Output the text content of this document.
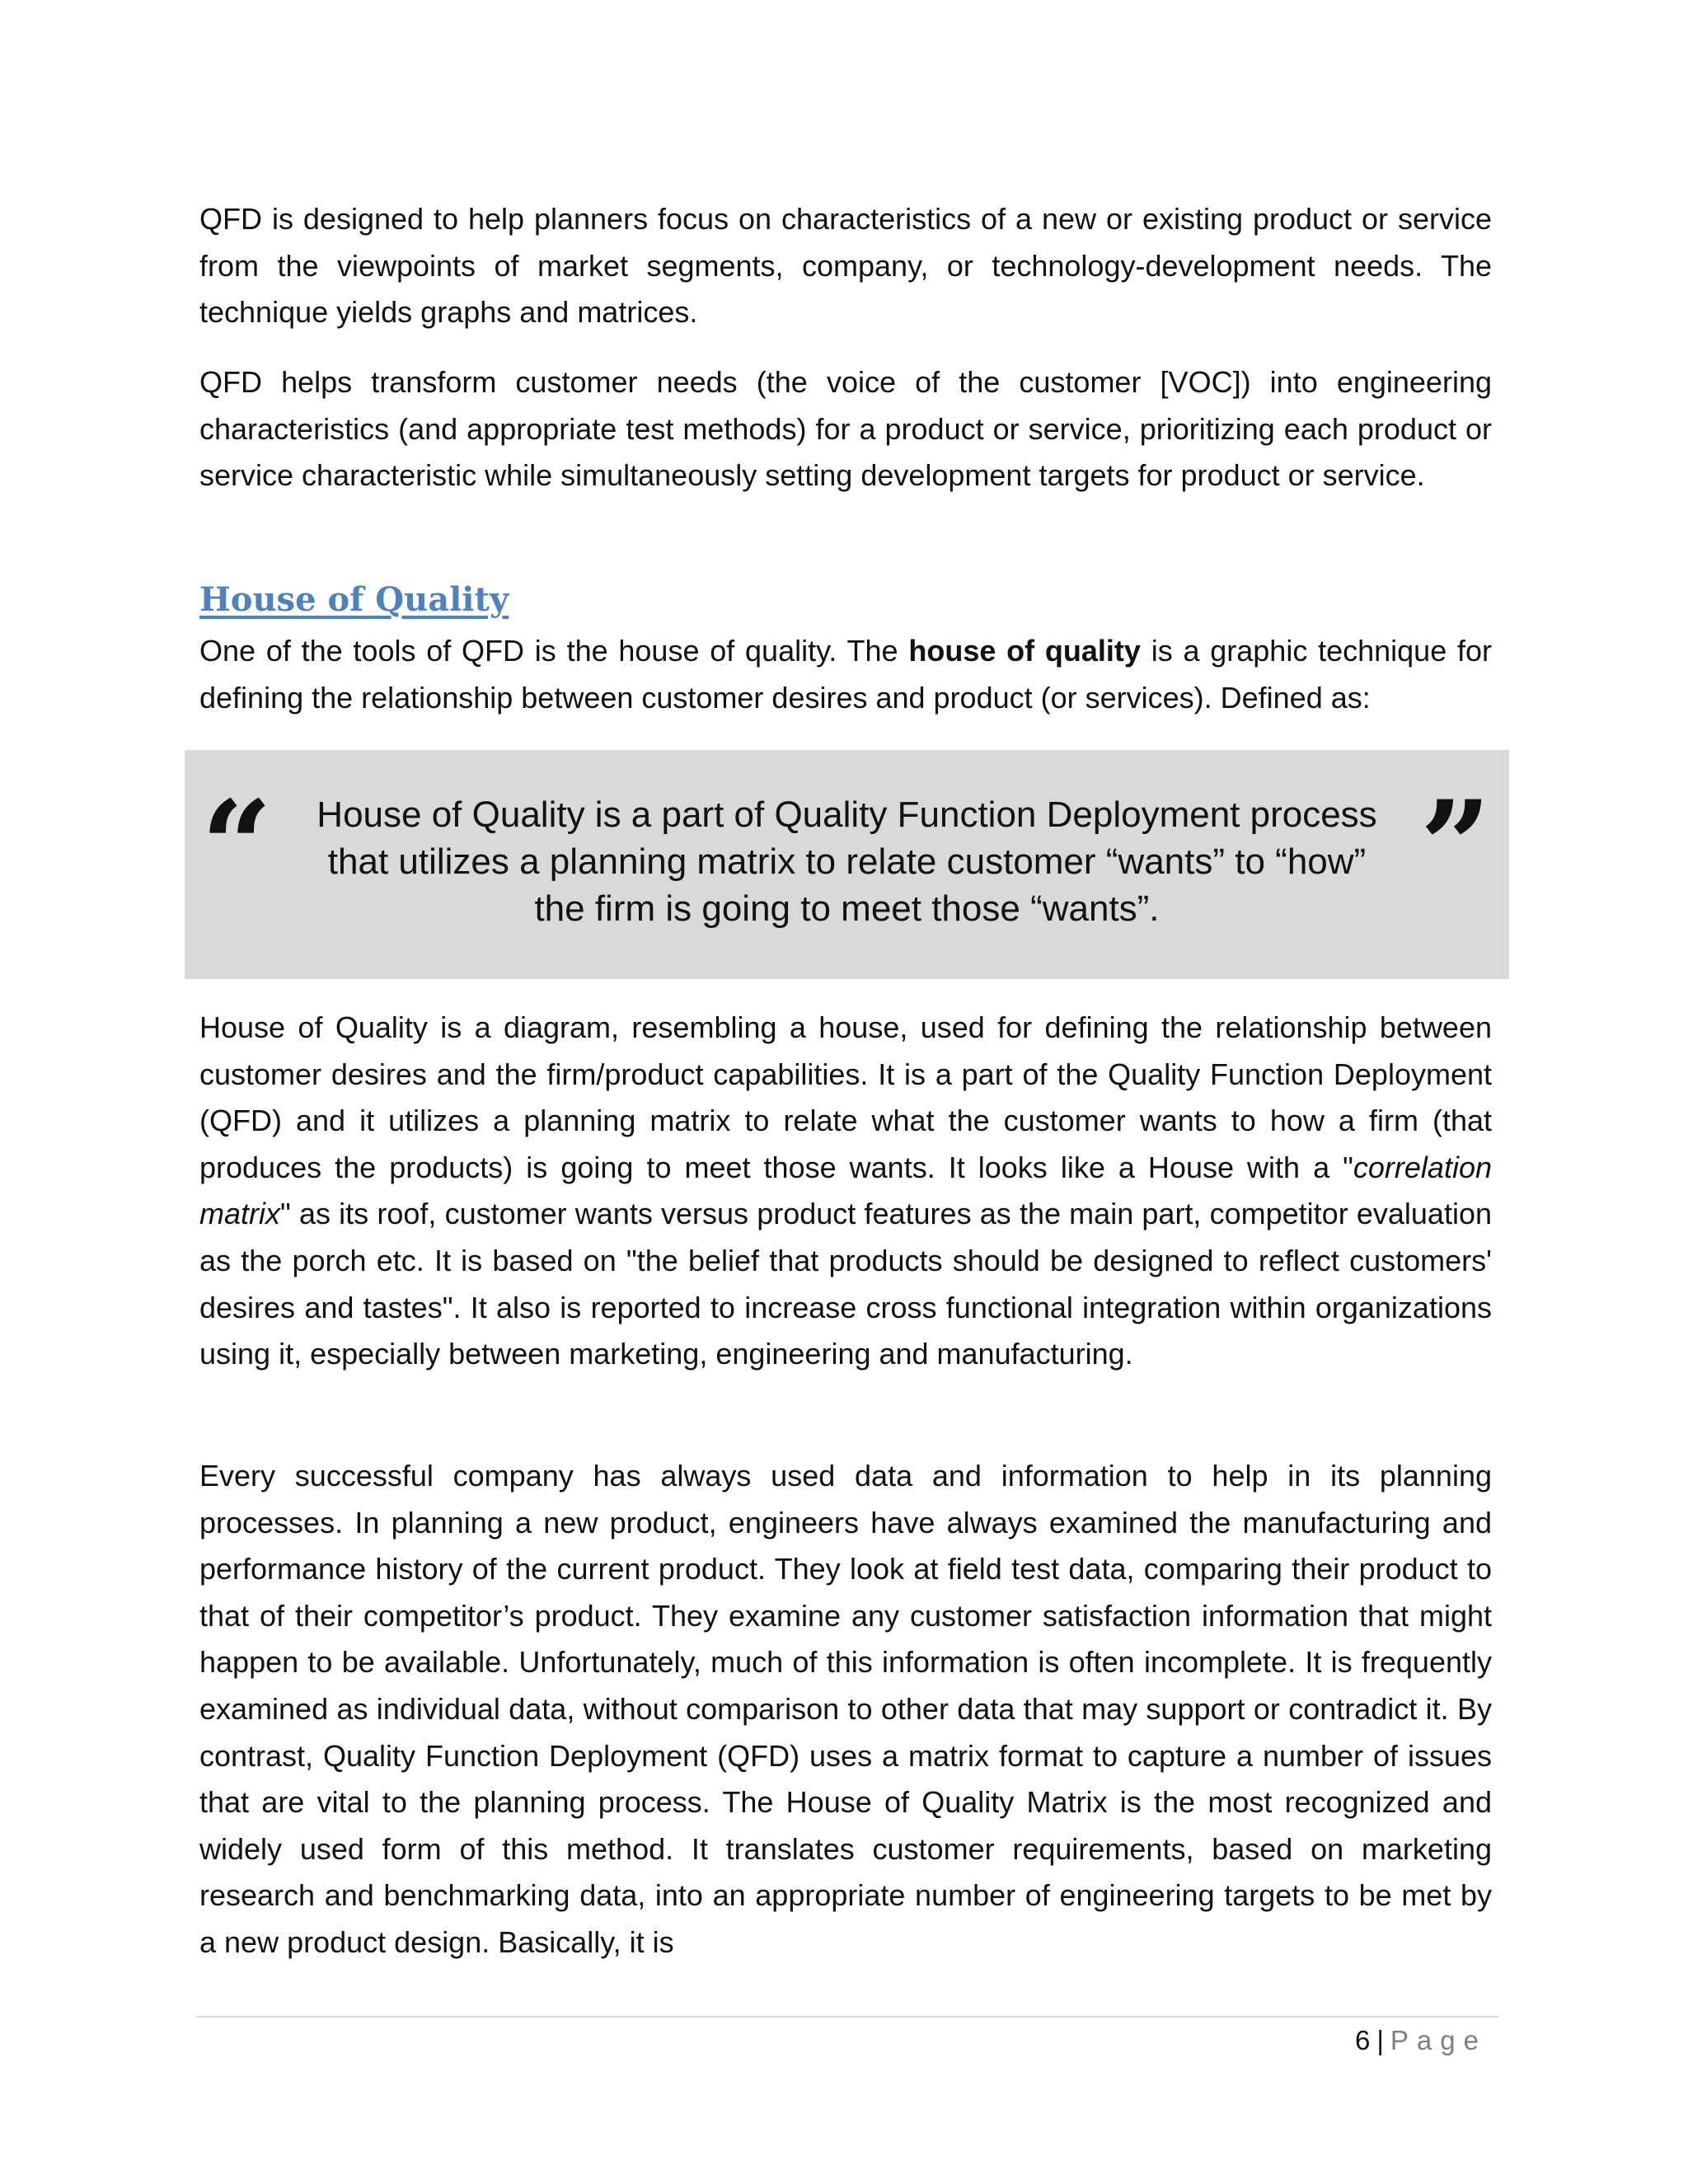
QFD is designed to help planners focus on characteristics of a new or existing product or service from the viewpoints of market segments, company, or technology-development needs. The technique yields graphs and matrices.

QFD helps transform customer needs (the voice of the customer [VOC]) into engineering characteristics (and appropriate test methods) for a product or service, prioritizing each product or service characteristic while simultaneously setting development targets for product or service.

House of Quality

One of the tools of QFD is the house of quality. The house of quality is a graphic technique for defining the relationship between customer desires and product (or services). Defined as:

“ House of Quality is a part of Quality Function Deployment process that utilizes a planning matrix to relate customer “wants” to “how” the firm is going to meet those “wants”.	”

House of Quality is a diagram, resembling a house, used for defining the relationship between customer desires and the firm/product capabilities. It is a part of the Quality Function Deployment (QFD) and it utilizes a planning matrix to relate what the customer wants to how a firm (that produces the products) is going to meet those wants. It looks like a House with a "correlation matrix" as its roof, customer wants versus product features as the main part, competitor evaluation as the porch etc. It is based on "the belief that products should be designed to reflect customers' desires and tastes". It also is reported to increase cross functional integration within organizations using it, especially between marketing, engineering and manufacturing.

Every successful company has always used data and information to help in its planning processes. In planning a new product, engineers have always examined the manufacturing and performance history of the current product. They look at field test data, comparing their product to that of their competitor’s product. They examine any customer satisfaction information that might happen to be available. Unfortunately, much of this information is often incomplete. It is frequently examined as individual data, without comparison to other data that may support or contradict it. By contrast, Quality Function Deployment (QFD) uses a matrix format to capture a number of issues that are vital to the planning process. The House of Quality Matrix is the most recognized and widely used form of this method. It translates customer requirements, based on marketing research and benchmarking data, into an appropriate number of engineering targets to be met by a new product design. Basically, it is

6 | Page
